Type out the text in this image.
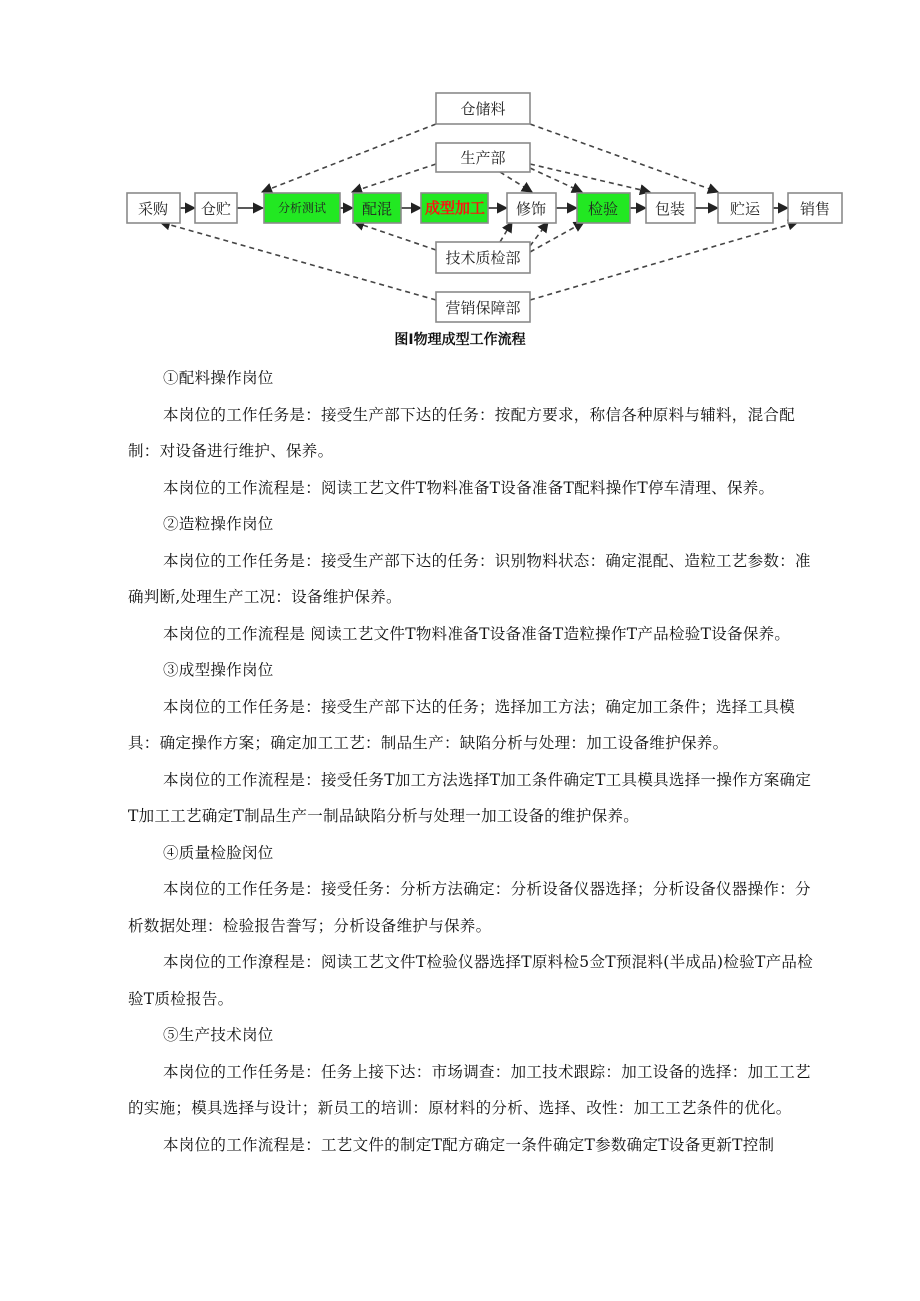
仓储料
生产部
采购 仓贮	分析测试 配混 成型加工 修饰	检验 包装	贮运	销售
技术质检部
营销保障部
图I物理成型工作流程

①配料操作岗位

本岗位的工作任务是：接受生产部下达的任务：按配方要求，称信各种原料与辅料，混合配制：对设备进行维护、保养。

本岗位的工作流程是：阅读工艺文件T物料准备T设备准备T配料操作T停车清理、保养。

②造粒操作岗位

本岗位的工作任务是：接受生产部下达的任务：识别物料状态：确定混配、造粒工艺参数：准确判断,处理生产工况：设备维护保养。

本岗位的工作流程是 阅读工艺文件T物料准备T设备准备T造粒操作T产品检验T设备保养。

③成型操作岗位

本岗位的工作任务是：接受生产部下达的任务；选择加工方法；确定加工条件；选择工具模具：确定操作方案；确定加工工艺：制品生产：缺陷分析与处理：加工设备维护保养。

本岗位的工作流程是：接受任务T加工方法选择T加工条件确定T工具模具选择一操作方案确定T加工工艺确定T制品生产一制品缺陷分析与处理一加工设备的维护保养。

④质量检脸闵位

本岗位的工作任务是：接受任务：分析方法确定：分析设备仪器选择；分析设备仪器操作：分析数据处理：检验报告誊写；分析设备维护与保养。

本岗位的工作潦程是：阅读工艺文件T检验仪器选择T原料检5佥T预混料(半成品)检验T产品检验T质检报告。

⑤生产技术岗位

本岗位的工作任务是：任务上接下达：市场调查：加工技术跟踪：加工设备的选择：加工工艺的实施；模具选择与设计；新员工的培训：原材料的分析、选择、改性：加工工艺条件的优化。

本岗位的工作流程是：工艺文件的制定T配方确定一条件确定T参数确定T设备更新T控制
